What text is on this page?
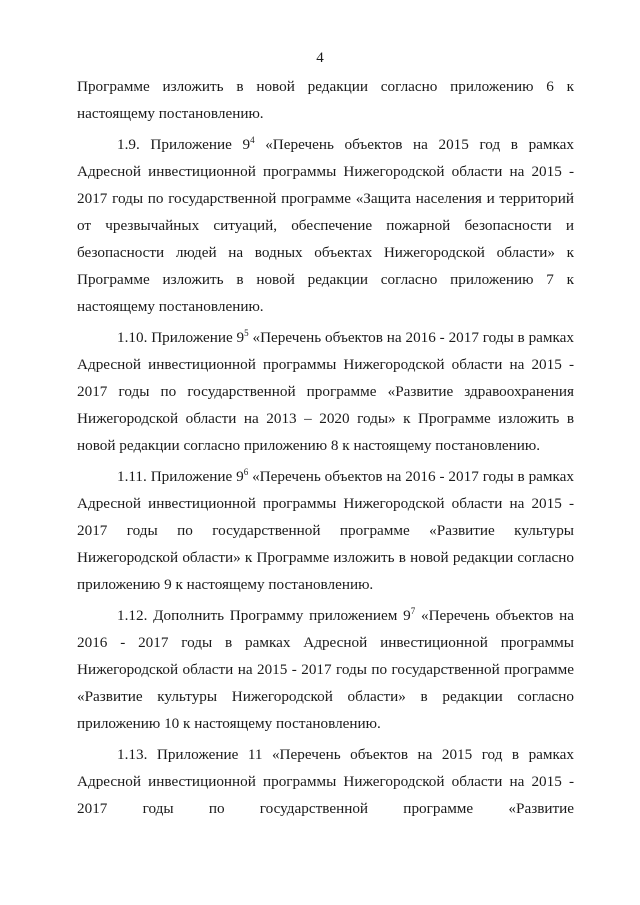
4

Программе изложить в новой редакции согласно приложению 6 к настоящему постановлению.

1.9. Приложение $9^4$ «Перечень объектов на 2015 год в рамках Адресной инвестиционной программы Нижегородской области на 2015 - 2017 годы по государственной программе «Защита населения и территорий от чрезвычайных ситуаций, обеспечение пожарной безопасности и безопасности людей на водных объектах Нижегородской области» к Программе изложить в новой редакции согласно приложению 7 к настоящему постановлению.

1.10. Приложение $9^5$ «Перечень объектов на 2016 - 2017 годы в рамках Адресной инвестиционной программы Нижегородской области на 2015 - 2017 годы по государственной программе «Развитие здравоохранения Нижегородской области на 2013 – 2020 годы» к Программе изложить в новой редакции согласно приложению 8 к настоящему постановлению.

1.11. Приложение $9^6$ «Перечень объектов на 2016 - 2017 годы в рамках Адресной инвестиционной программы Нижегородской области на 2015 - 2017 годы по государственной программе «Развитие культуры Нижегородской области» к Программе изложить в новой редакции согласно приложению 9 к настоящему постановлению.

1.12. Дополнить Программу приложением $9^7$ «Перечень объектов на 2016 - 2017 годы в рамках Адресной инвестиционной программы Нижегородской области на 2015 - 2017 годы по государственной программе «Развитие культуры Нижегородской области» в редакции согласно приложению 10 к настоящему постановлению.

1.13. Приложение 11 «Перечень объектов на 2015 год в рамках Адресной инвестиционной программы Нижегородской области на 2015 - 2017 годы по государственной программе «Развитие
